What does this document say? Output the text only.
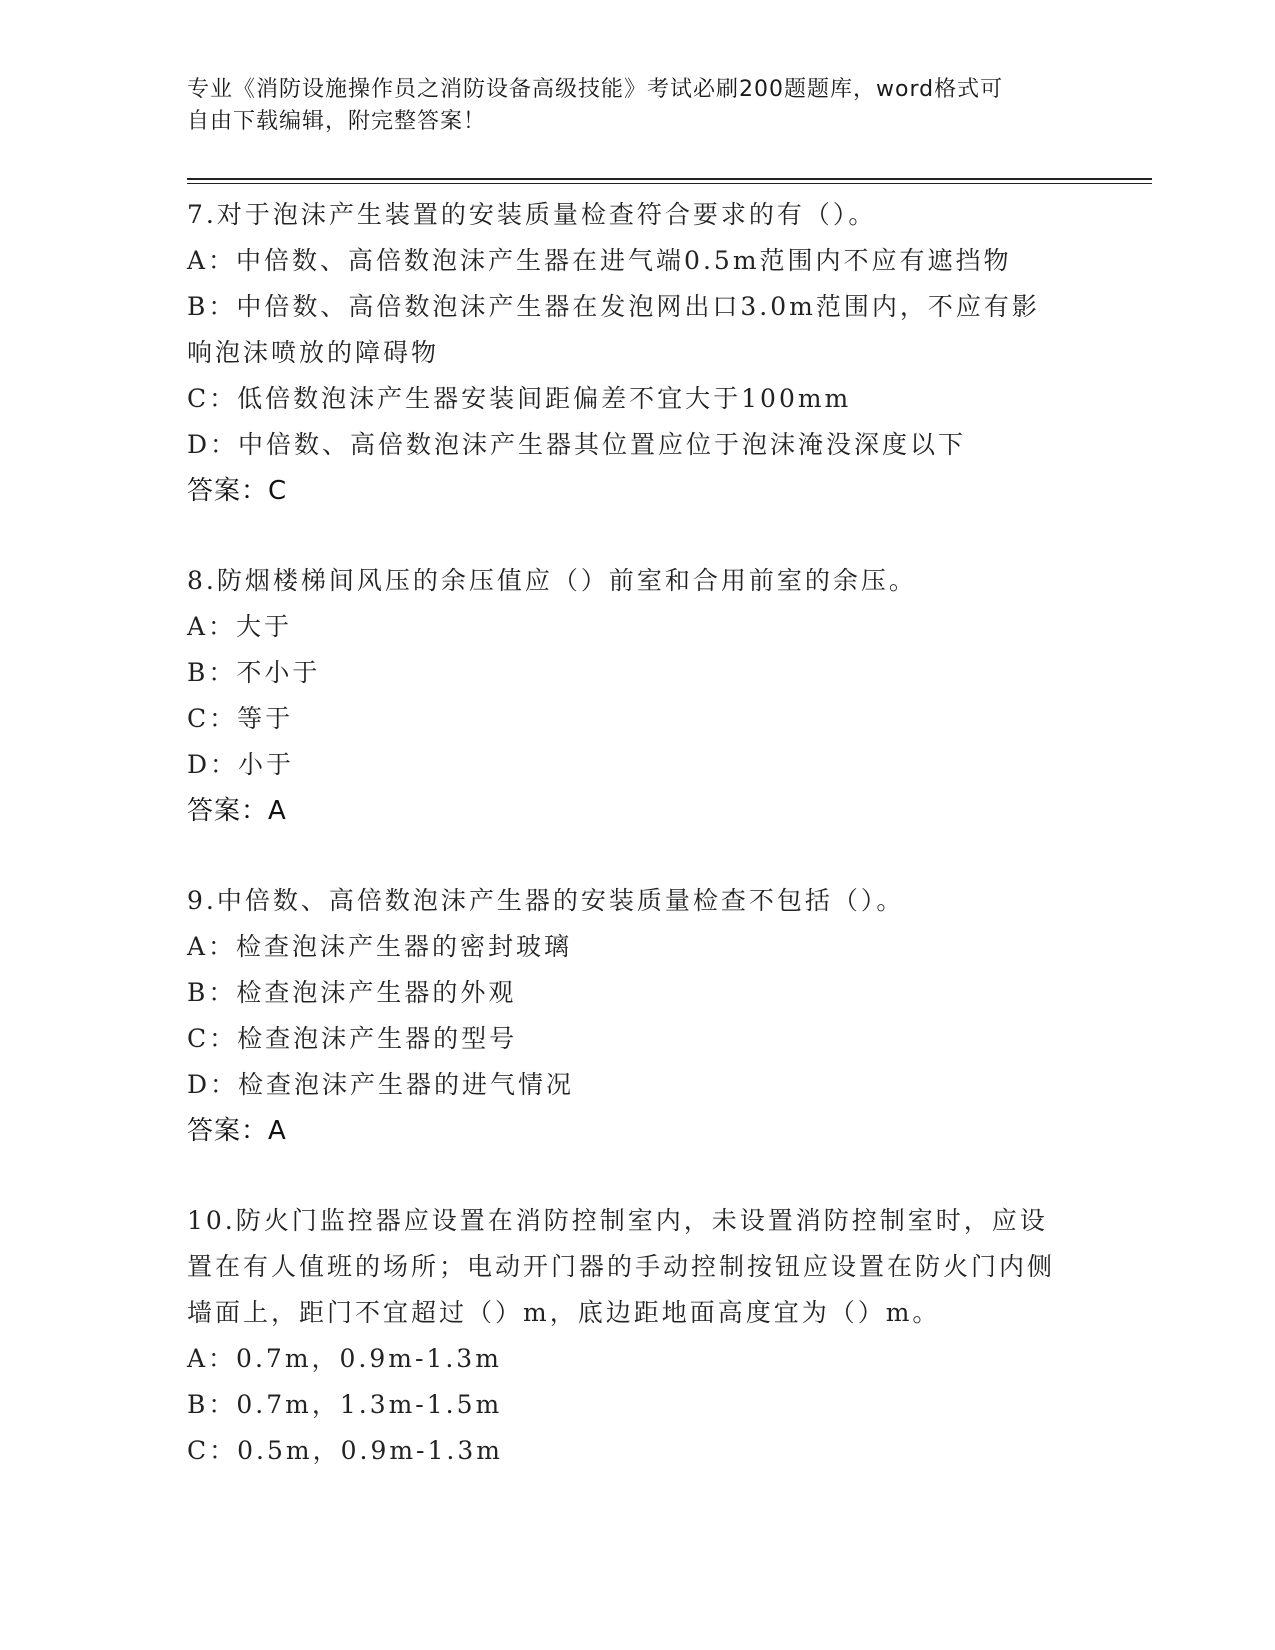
专业《消防设施操作员之消防设备高级技能》考试必刷200题题库，word格式可
自由下载编辑，附完整答案！
7.对于泡沫产生装置的安装质量检查符合要求的有（）。
A：中倍数、高倍数泡沫产生器在进气端0.5m范围内不应有遮挡物
B：中倍数、高倍数泡沫产生器在发泡网出口3.0m范围内，不应有影响泡沫喷放的障碍物
C：低倍数泡沫产生器安装间距偏差不宜大于100mm
D：中倍数、高倍数泡沫产生器其位置应位于泡沫淹没深度以下
答案：C
8.防烟楼梯间风压的余压值应（）前室和合用前室的余压。
A：大于
B：不小于
C：等于
D：小于
答案：A
9.中倍数、高倍数泡沫产生器的安装质量检查不包括（）。
A：检查泡沫产生器的密封玻璃
B：检查泡沫产生器的外观
C：检查泡沫产生器的型号
D：检查泡沫产生器的进气情况
答案：A
10.防火门监控器应设置在消防控制室内，未设置消防控制室时，应设置在有人值班的场所；电动开门器的手动控制按钮应设置在防火门内侧墙面上，距门不宜超过（）m，底边距地面高度宜为（）m。
A：0.7m，0.9m-1.3m
B：0.7m，1.3m-1.5m
C：0.5m，0.9m-1.3m
